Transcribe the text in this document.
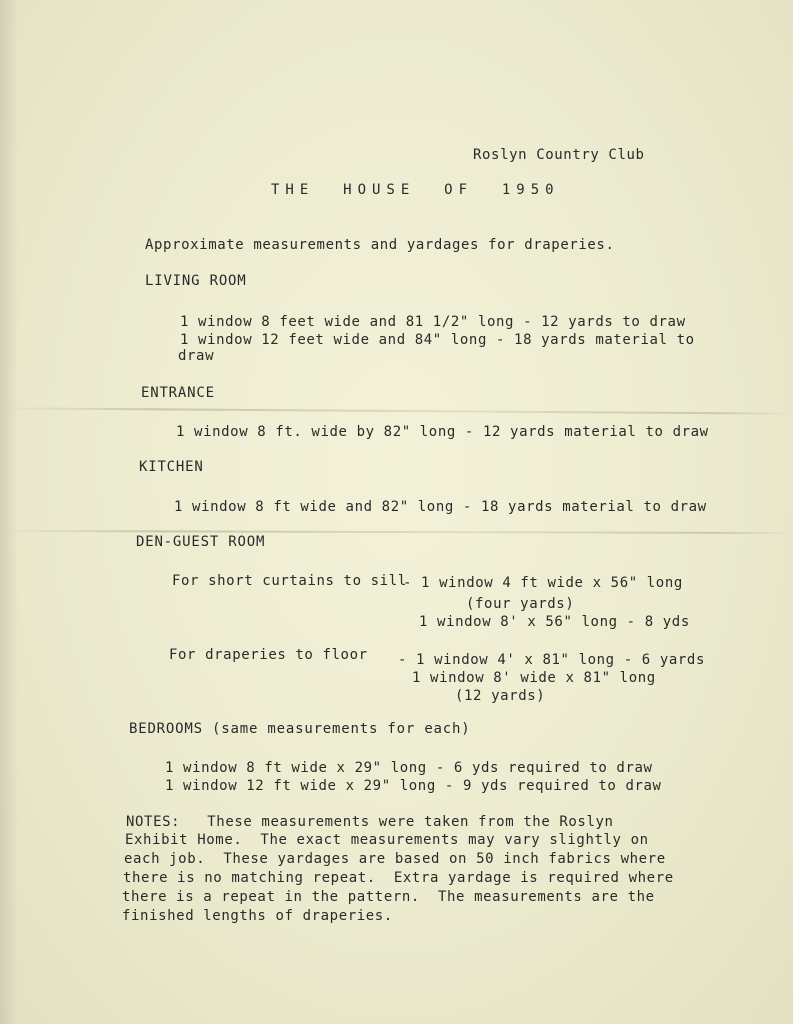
Roslyn Country Club
THE  HOUSE  OF  1950
Approximate measurements and yardages for draperies.
LIVING ROOM
1 window 8 feet wide and 81 1/2" long - 12 yards to draw
1 window 12 feet wide and 84" long - 18 yards material to
draw
ENTRANCE
1 window 8 ft. wide by 82" long - 12 yards material to draw
KITCHEN
1 window 8 ft wide and 82" long - 18 yards material to draw
DEN-GUEST ROOM
For short curtains to sill
- 1 window 4 ft wide x 56" long
(four yards)
1 window 8' x 56" long - 8 yds
For draperies to floor - 1 window 4' x 81" long - 6 yards
1 window 8' wide x 81" long
(12 yards)
BEDROOMS (same measurements for each)
1 window 8 ft wide x 29" long - 6 yds required to draw
1 window 12 ft wide x 29" long - 9 yds required to draw
NOTES:   These measurements were taken from the Roslyn
Exhibit Home.  The exact measurements may vary slightly on
each job.  These yardages are based on 50 inch fabrics where
there is no matching repeat.  Extra yardage is required where
there is a repeat in the pattern.  The measurements are the
finished lengths of draperies.
